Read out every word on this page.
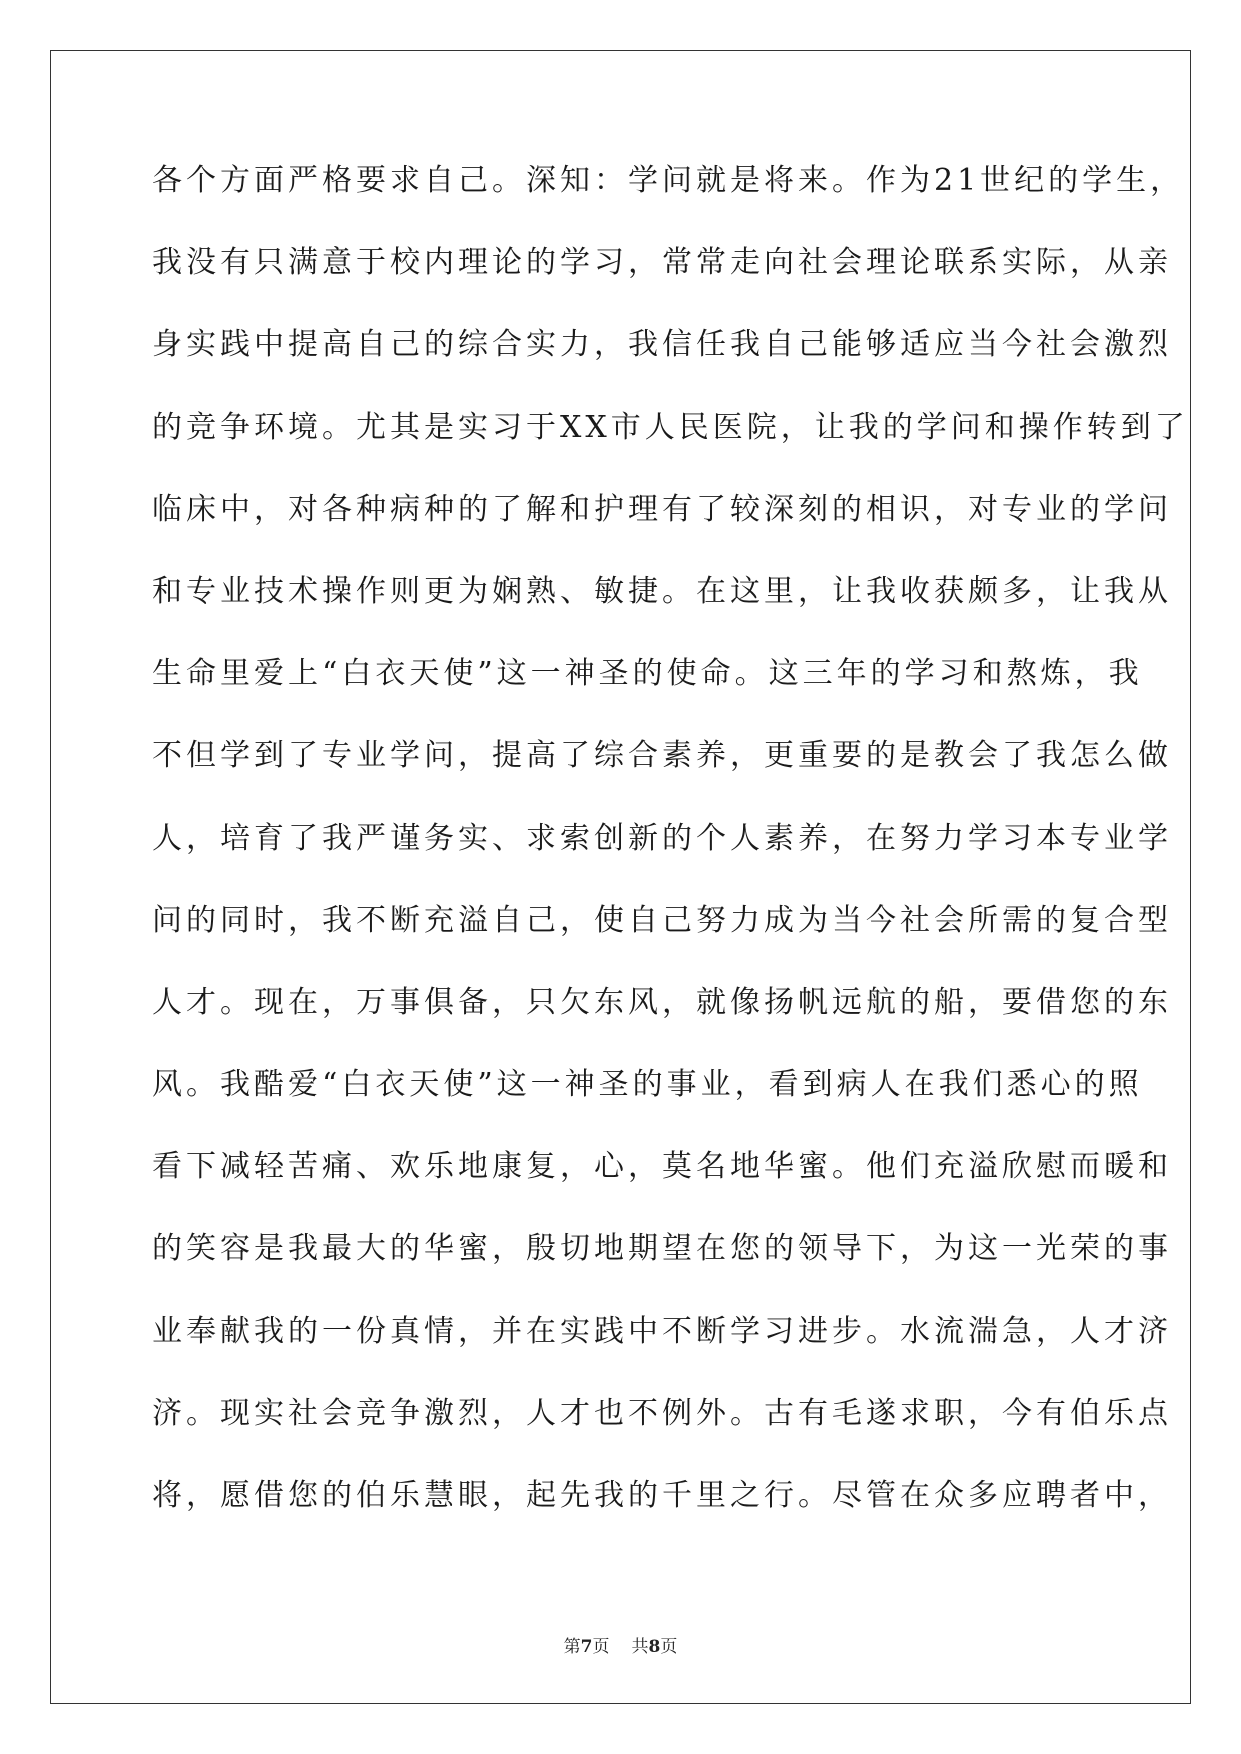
各个方面严格要求自己。深知：学问就是将来。作为21世纪的学生，
我没有只满意于校内理论的学习，常常走向社会理论联系实际，从亲
身实践中提高自己的综合实力，我信任我自己能够适应当今社会激烈
的竞争环境。尤其是实习于XX市人民医院，让我的学问和操作转到了
临床中，对各种病种的了解和护理有了较深刻的相识，对专业的学问
和专业技术操作则更为娴熟、敏捷。在这里，让我收获颇多，让我从
生命里爱上“白衣天使”这一神圣的使命。这三年的学习和熬炼，我
不但学到了专业学问，提高了综合素养，更重要的是教会了我怎么做
人，培育了我严谨务实、求索创新的个人素养，在努力学习本专业学
问的同时，我不断充溢自己，使自己努力成为当今社会所需的复合型
人才。现在，万事俱备，只欠东风，就像扬帆远航的船，要借您的东
风。我酷爱“白衣天使”这一神圣的事业，看到病人在我们悉心的照
看下减轻苦痛、欢乐地康复，心，莫名地华蜜。他们充溢欣慰而暖和
的笑容是我最大的华蜜，殷切地期望在您的领导下，为这一光荣的事
业奉献我的一份真情，并在实践中不断学习进步。水流湍急，人才济
济。现实社会竞争激烈，人才也不例外。古有毛遂求职，今有伯乐点
将，愿借您的伯乐慧眼，起先我的千里之行。尽管在众多应聘者中，
第7页 共8页
